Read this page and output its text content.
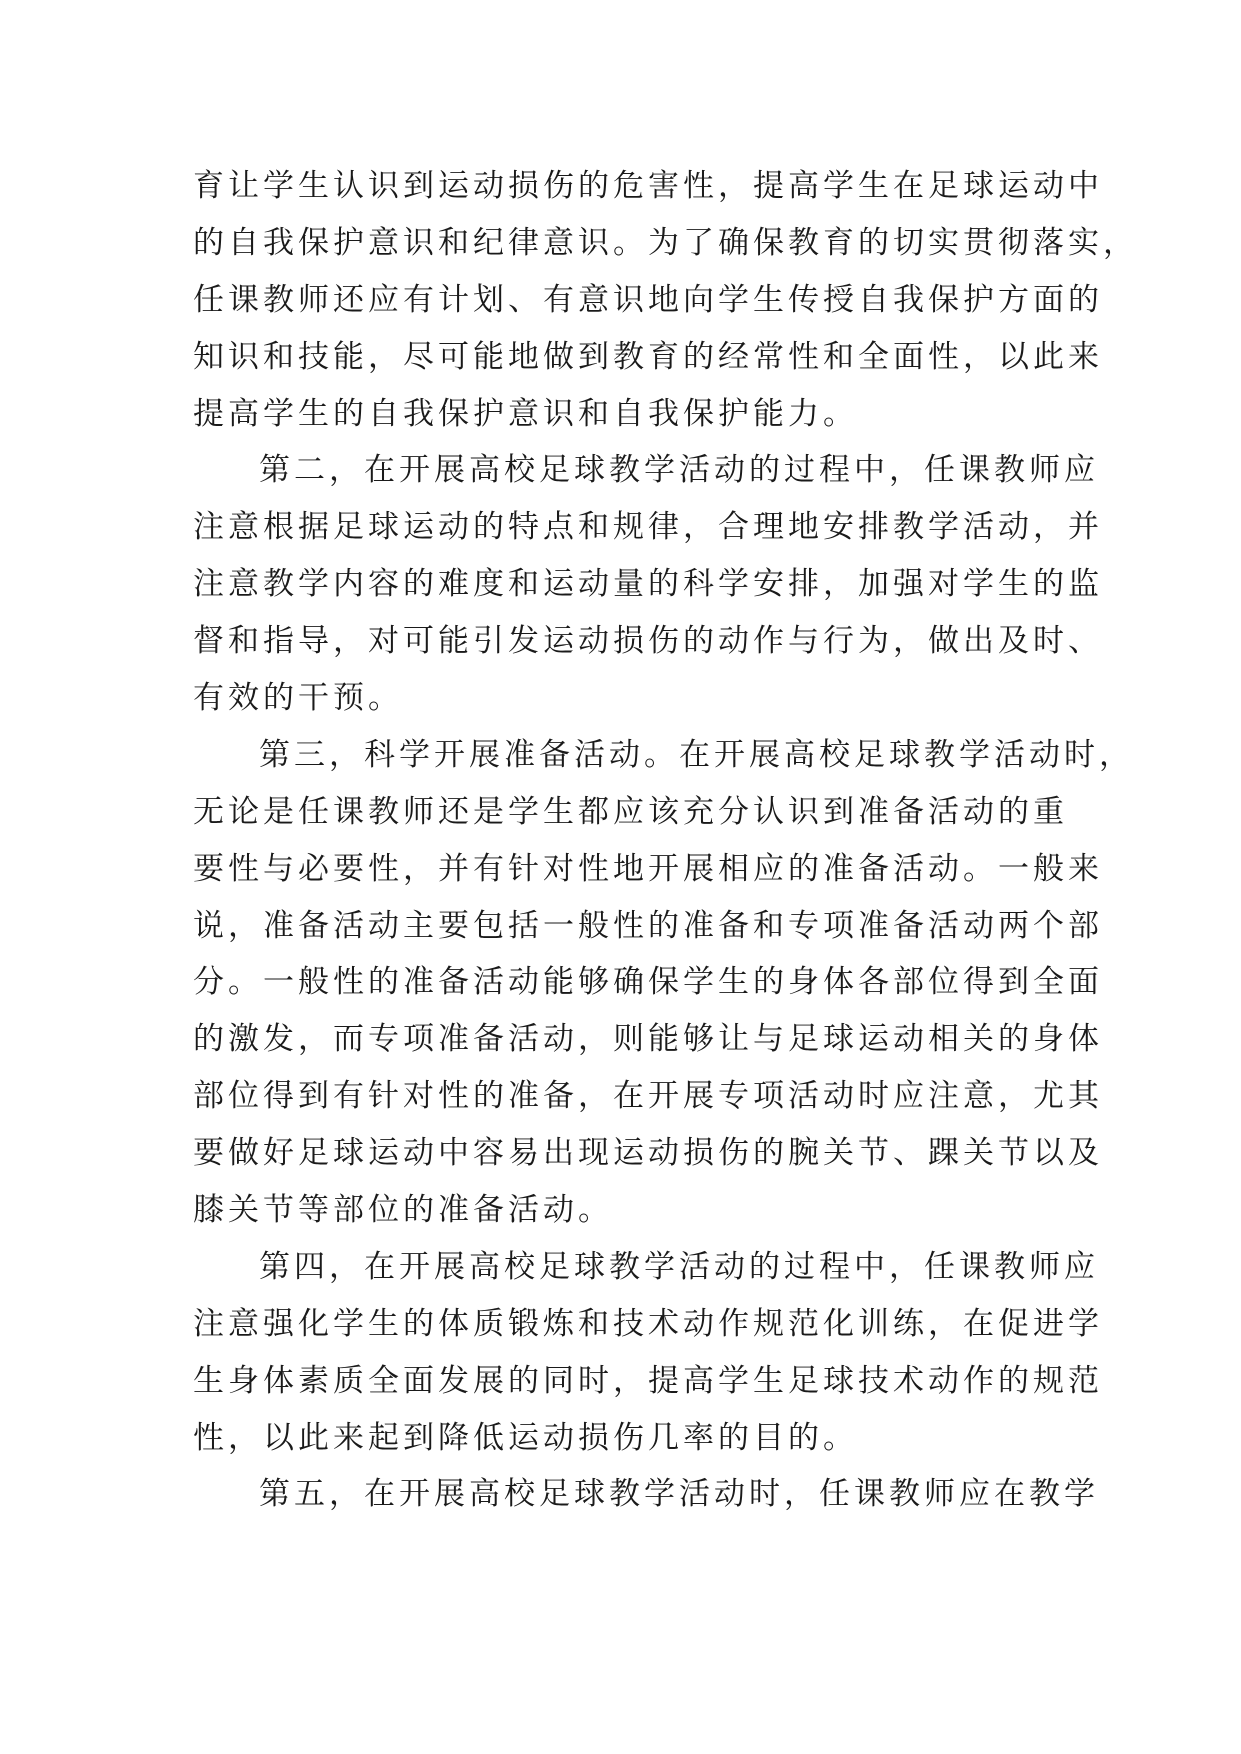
育让学生认识到运动损伤的危害性，提高学生在足球运动中
的自我保护意识和纪律意识。为了确保教育的切实贯彻落实，
任课教师还应有计划、有意识地向学生传授自我保护方面的
知识和技能，尽可能地做到教育的经常性和全面性，以此来
提高学生的自我保护意识和自我保护能力。
第二，在开展高校足球教学活动的过程中，任课教师应
注意根据足球运动的特点和规律，合理地安排教学活动，并
注意教学内容的难度和运动量的科学安排，加强对学生的监
督和指导，对可能引发运动损伤的动作与行为，做出及时、
有效的干预。
第三，科学开展准备活动。在开展高校足球教学活动时，
无论是任课教师还是学生都应该充分认识到准备活动的重
要性与必要性，并有针对性地开展相应的准备活动。一般来
说，准备活动主要包括一般性的准备和专项准备活动两个部
分。一般性的准备活动能够确保学生的身体各部位得到全面
的激发，而专项准备活动，则能够让与足球运动相关的身体
部位得到有针对性的准备，在开展专项活动时应注意，尤其
要做好足球运动中容易出现运动损伤的腕关节、踝关节以及
膝关节等部位的准备活动。
第四，在开展高校足球教学活动的过程中，任课教师应
注意强化学生的体质锻炼和技术动作规范化训练，在促进学
生身体素质全面发展的同时，提高学生足球技术动作的规范
性，以此来起到降低运动损伤几率的目的。
第五，在开展高校足球教学活动时，任课教师应在教学
